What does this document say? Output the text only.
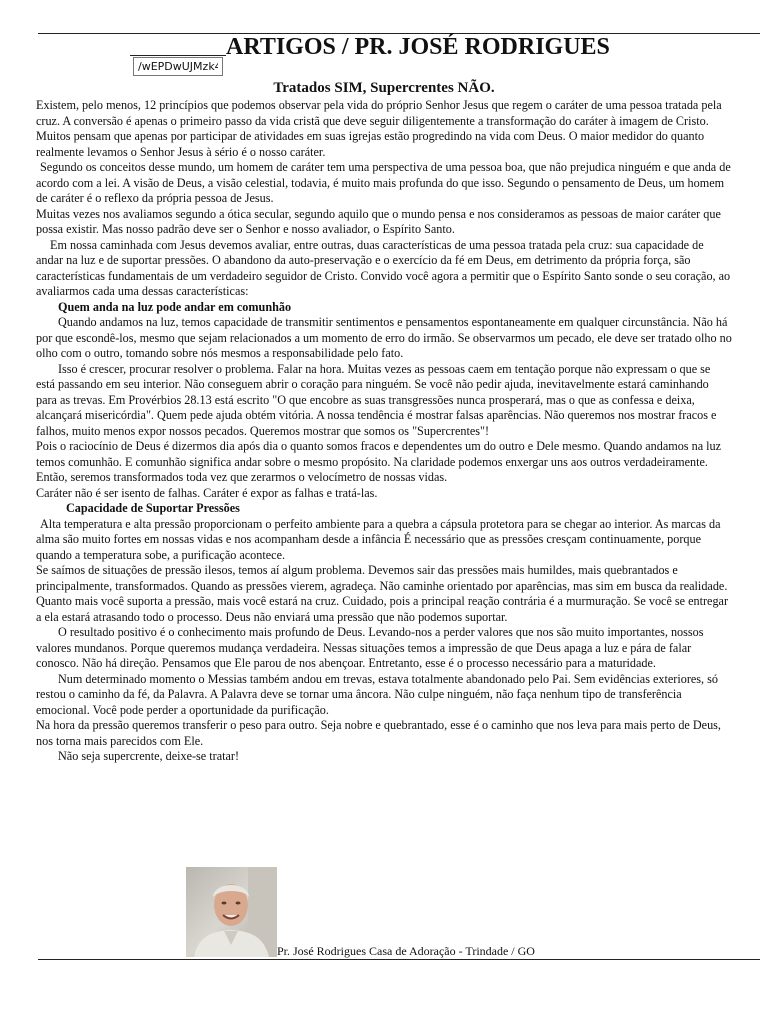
/wEPDwUJMzk4N
ARTIGOS / PR. JOSÉ RODRIGUES
Tratados SIM, Supercrentes NÃO.

Existem, pelo menos, 12 princípios que podemos observar pela vida do próprio Senhor Jesus que regem o caráter de uma pessoa tratada pela cruz. A conversão é apenas o primeiro passo da vida cristã que deve seguir diligentemente a transformação do caráter à imagem de Cristo. Muitos pensam que apenas por participar de atividades em suas igrejas estão progredindo na vida com Deus. O maior medidor do quanto realmente levamos o Senhor Jesus à sério é o nosso caráter.

Segundo os conceitos desse mundo, um homem de caráter tem uma perspectiva de uma pessoa boa, que não prejudica ninguém e que anda de acordo com a lei. A visão de Deus, a visão celestial, todavia, é muito mais profunda do que isso. Segundo o pensamento de Deus, um homem de caráter é o reflexo da própria pessoa de Jesus.

Muitas vezes nos avaliamos segundo a ótica secular, segundo aquilo que o mundo pensa e nos consideramos as pessoas de maior caráter que possa existir. Mas nosso padrão deve ser o Senhor e nosso avaliador, o Espírito Santo.

Em nossa caminhada com Jesus devemos avaliar, entre outras, duas características de uma pessoa tratada pela cruz: sua capacidade de andar na luz e de suportar pressões. O abandono da auto-preservação e o exercício da fé em Deus, em detrimento da própria força, são características fundamentais de um verdadeiro seguidor de Cristo. Convido você agora a permitir que o Espírito Santo sonde o seu coração, ao avaliarmos cada uma dessas características:

Quem anda na luz pode andar em comunhão

Quando andamos na luz, temos capacidade de transmitir sentimentos e pensamentos espontaneamente em qualquer circunstância. Não há por que escondê-los, mesmo que sejam relacionados a um momento de erro do irmão. Se observarmos um pecado, ele deve ser tratado olho no olho com o outro, tomando sobre nós mesmos a responsabilidade pelo fato.

Isso é crescer, procurar resolver o problema. Falar na hora. Muitas vezes as pessoas caem em tentação porque não expressam o que se está passando em seu interior. Não conseguem abrir o coração para ninguém. Se você não pedir ajuda, inevitavelmente estará caminhando para as trevas. Em Provérbios 28.13 está escrito "O que encobre as suas transgressões nunca prosperará, mas o que as confessa e deixa, alcançará misericórdia". Quem pede ajuda obtém vitória. A nossa tendência é mostrar falsas aparências. Não queremos nos mostrar fracos e falhos, muito menos expor nossos pecados. Queremos mostrar que somos os "Supercrentes"!

Pois o raciocínio de Deus é dizermos dia após dia o quanto somos fracos e dependentes um do outro e Dele mesmo. Quando andamos na luz temos comunhão. E comunhão significa andar sobre o mesmo propósito. Na claridade podemos enxergar uns aos outros verdadeiramente. Então, seremos transformados toda vez que zerarmos o velocímetro de nossas vidas.

Caráter não é ser isento de falhas. Caráter é expor as falhas e tratá-las.

Capacidade de Suportar Pressões

Alta temperatura e alta pressão proporcionam o perfeito ambiente para a quebra a cápsula protetora para se chegar ao interior. As marcas da alma são muito fortes em nossas vidas e nos acompanham desde a infância É necessário que as pressões cresçam continuamente, porque quando a temperatura sobe, a purificação acontece.

Se saímos de situações de pressão ilesos, temos aí algum problema. Devemos sair das pressões mais humildes, mais quebrantados e principalmente, transformados. Quando as pressões vierem, agradeça. Não caminhe orientado por aparências, mas sim em busca da realidade. Quanto mais você suporta a pressão, mais você estará na cruz. Cuidado, pois a principal reação contrária é a murmuração. Se você se entregar a ela estará atrasando todo o processo. Deus não enviará uma pressão que não podemos suportar.

O resultado positivo é o conhecimento mais profundo de Deus. Levando-nos a perder valores que nos são muito importantes, nossos valores mundanos. Porque queremos mudança verdadeira. Nessas situações temos a impressão de que Deus apaga a luz e pára de falar conosco. Não há direção. Pensamos que Ele parou de nos abençoar. Entretanto, esse é o processo necessário para a maturidade.

Num determinado momento o Messias também andou em trevas, estava totalmente abandonado pelo Pai. Sem evidências exteriores, só restou o caminho da fé, da Palavra. A Palavra deve se tornar uma âncora. Não culpe ninguém, não faça nenhum tipo de transferência emocional. Você pode perder a oportunidade da purificação.

Na hora da pressão queremos transferir o peso para outro. Seja nobre e quebrantado, esse é o caminho que nos leva para mais perto de Deus, nos torna mais parecidos com Ele.

Não seja supercrente, deixe-se tratar!

Pr. José Rodrigues Casa de Adoração - Trindade / GO
